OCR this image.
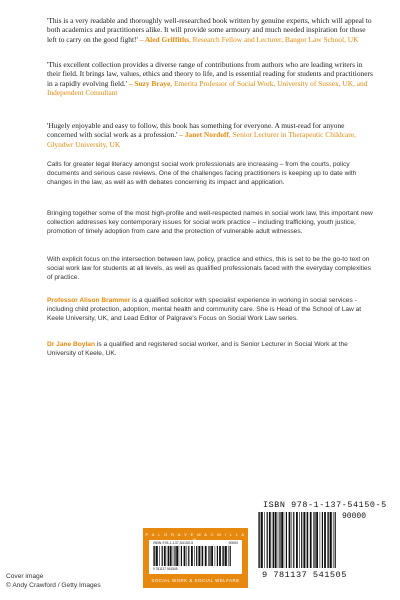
'This is a very readable and thoroughly well-researched book written by genuine experts, which will appeal to both academics and practitioners alike. It will provide some armoury and much needed inspiration for those left to carry on the good fight!' – Aled Griffiths, Research Fellow and Lecturer, Bangor Law School, UK

'This excellent collection provides a diverse range of contributions from authors who are leading writers in their field. It brings law, values, ethics and theory to life, and is essential reading for students and practitioners in a rapidly evolving field.' – Suzy Braye, Emerita Professor of Social Work, University of Sussex, UK, and Independent Consultant

'Hugely enjoyable and easy to follow, this book has something for everyone. A must-read for anyone concerned with social work as a profession.' – Janet Nordoff, Senior Lecturer in Therapeutic Childcare, Glyndwr University, UK

Calls for greater legal literacy amongst social work professionals are increasing – from the courts, policy documents and serious case reviews. One of the challenges facing practitioners is keeping up to date with changes in the law, as well as with debates concerning its impact and application.

Bringing together some of the most high-profile and well-respected names in social work law, this important new collection addresses key contemporary issues for social work practice – including trafficking, youth justice, promotion of timely adoption from care and the protection of vulnerable adult witnesses.

With explicit focus on the intersection between law, policy, practice and ethics, this is set to be the go-to text on social work law for students at all levels, as well as qualified professionals faced with the everyday complexities of practice.

Professor Alison Brammer is a qualified solicitor with specialist experience in working in social services - including child protection, adoption, mental health and community care. She is Head of the School of Law at Keele University, UK, and Lead Editor of Palgrave's Focus on Social Work Law series.

Dr Jane Boylan is a qualified and registered social worker, and is Senior Lecturer in Social Work at the University of Keele, UK.

ISBN 978-1-137-54150-5
90000
9 781137 541505
P A L G R A V E M A C M I L L A
ISBN 978-1-137-54150-5	90000
9 781137 541505
SOCIAL WORK & SOCIAL WELFARE
Cover image
© Andy Crawford / Getty Images
